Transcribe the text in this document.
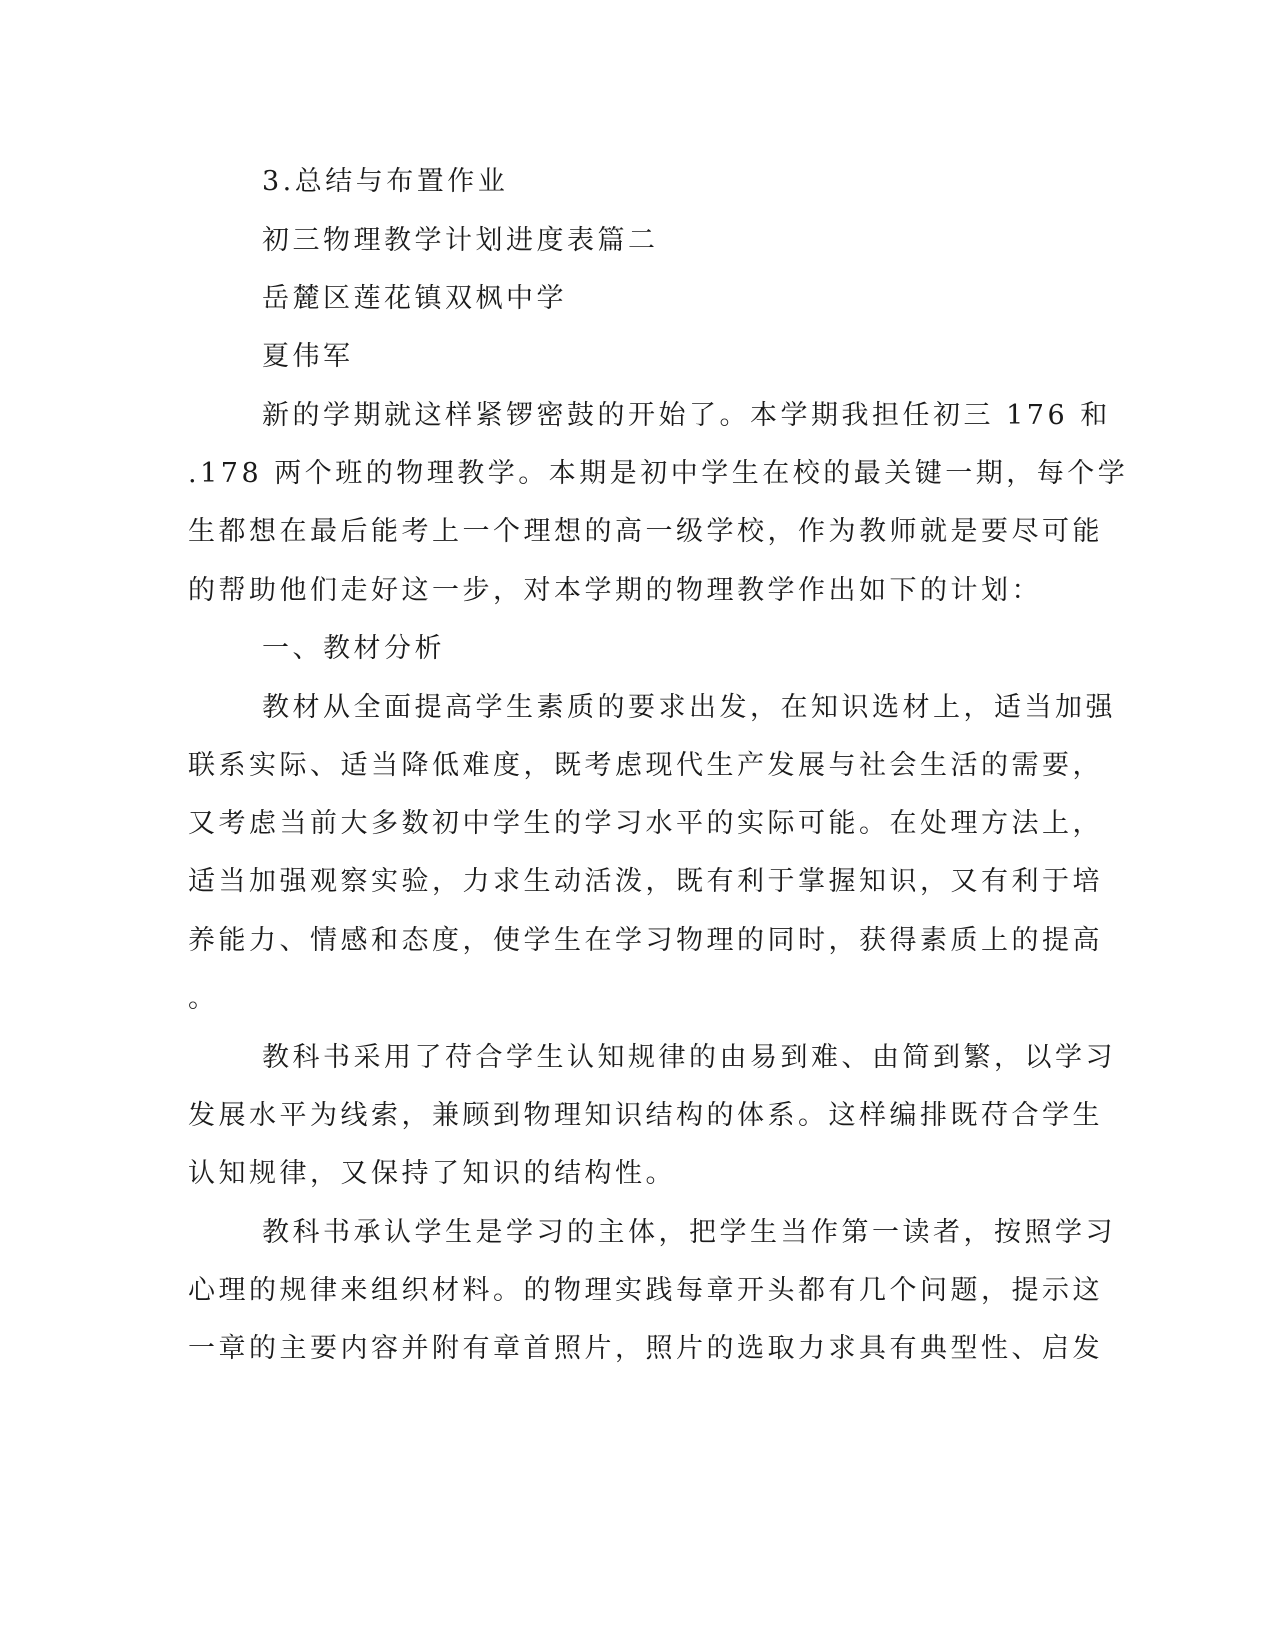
3.总结与布置作业
初三物理教学计划进度表篇二
岳麓区莲花镇双枫中学
夏伟军
新的学期就这样紧锣密鼓的开始了。本学期我担任初三 176 和
.178 两个班的物理教学。本期是初中学生在校的最关键一期，每个学
生都想在最后能考上一个理想的高一级学校，作为教师就是要尽可能
的帮助他们走好这一步，对本学期的物理教学作出如下的计划：
一、教材分析
教材从全面提高学生素质的要求出发，在知识选材上，适当加强
联系实际、适当降低难度，既考虑现代生产发展与社会生活的需要，
又考虑当前大多数初中学生的学习水平的实际可能。在处理方法上，
适当加强观察实验，力求生动活泼，既有利于掌握知识，又有利于培
养能力、情感和态度，使学生在学习物理的同时，获得素质上的提高
。
教科书采用了苻合学生认知规律的由易到难、由简到繁，以学习
发展水平为线索，兼顾到物理知识结构的体系。这样编排既苻合学生
认知规律，又保持了知识的结构性。
教科书承认学生是学习的主体，把学生当作第一读者，按照学习
心理的规律来组织材料。的物理实践每章开头都有几个问题，提示这
一章的主要内容并附有章首照片，照片的选取力求具有典型性、启发
